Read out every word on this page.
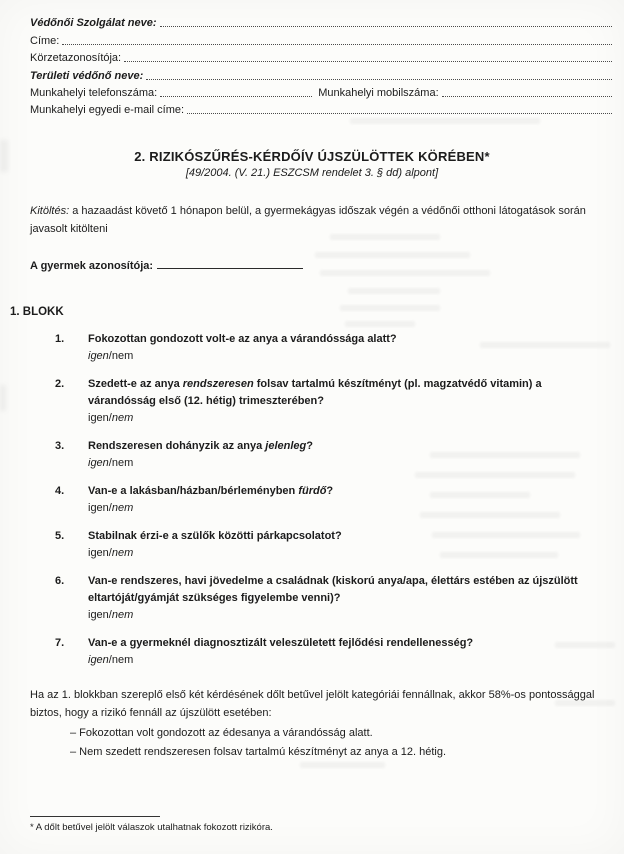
Védőnői Szolgálat neve:
Címe:
Körzetazonosítója:
Területi védőnő neve:
Munkahelyi telefonszáma:	Munkahelyi mobilszáma:
Munkahelyi egyedi e-mail címe:
2. RIZIKÓSZŰRÉS-KÉRDŐÍV ÚJSZÜLÖTTEK KÖRÉBEN*
[49/2004. (V. 21.) ESZCSM rendelet 3. § dd) alpont]

Kitöltés: a hazaadást követő 1 hónapon belül, a gyermekágyas időszak végén a védőnői otthoni látogatások során javasolt kitölteni

A gyermek azonosítója:

1. BLOKK
1.	Fokozottan gondozott volt-e az anya a várandóssága alatt?
igen/nem
2.	Szedett-e az anya rendszeresen folsav tartalmú készítményt (pl. magzatvédő vitamin) a várandósság első (12. hétig) trimeszterében?
igen/nem
3.	Rendszeresen dohányzik az anya jelenleg?
igen/nem
4.	Van-e a lakásban/házban/bérleményben fürdő?
igen/nem
5.	Stabilnak érzi-e a szülők közötti párkapcsolatot?
igen/nem
6.	Van-e rendszeres, havi jövedelme a családnak (kiskorú anya/apa, élettárs estében az újszülött eltartóját/gyámját szükséges figyelembe venni)?
igen/nem
7.	Van-e a gyermeknél diagnosztizált veleszületett fejlődési rendellenesség?
igen/nem

Ha az 1. blokkban szereplő első két kérdésének dőlt betűvel jelölt kategóriái fennállnak, akkor 58%-os pontossággal biztos, hogy a rizikó fennáll az újszülött esetében:

– Fokozottan volt gondozott az édesanya a várandósság alatt.
– Nem szedett rendszeresen folsav tartalmú készítményt az anya a 12. hétig.
* A dőlt betűvel jelölt válaszok utalhatnak fokozott rizikóra.
